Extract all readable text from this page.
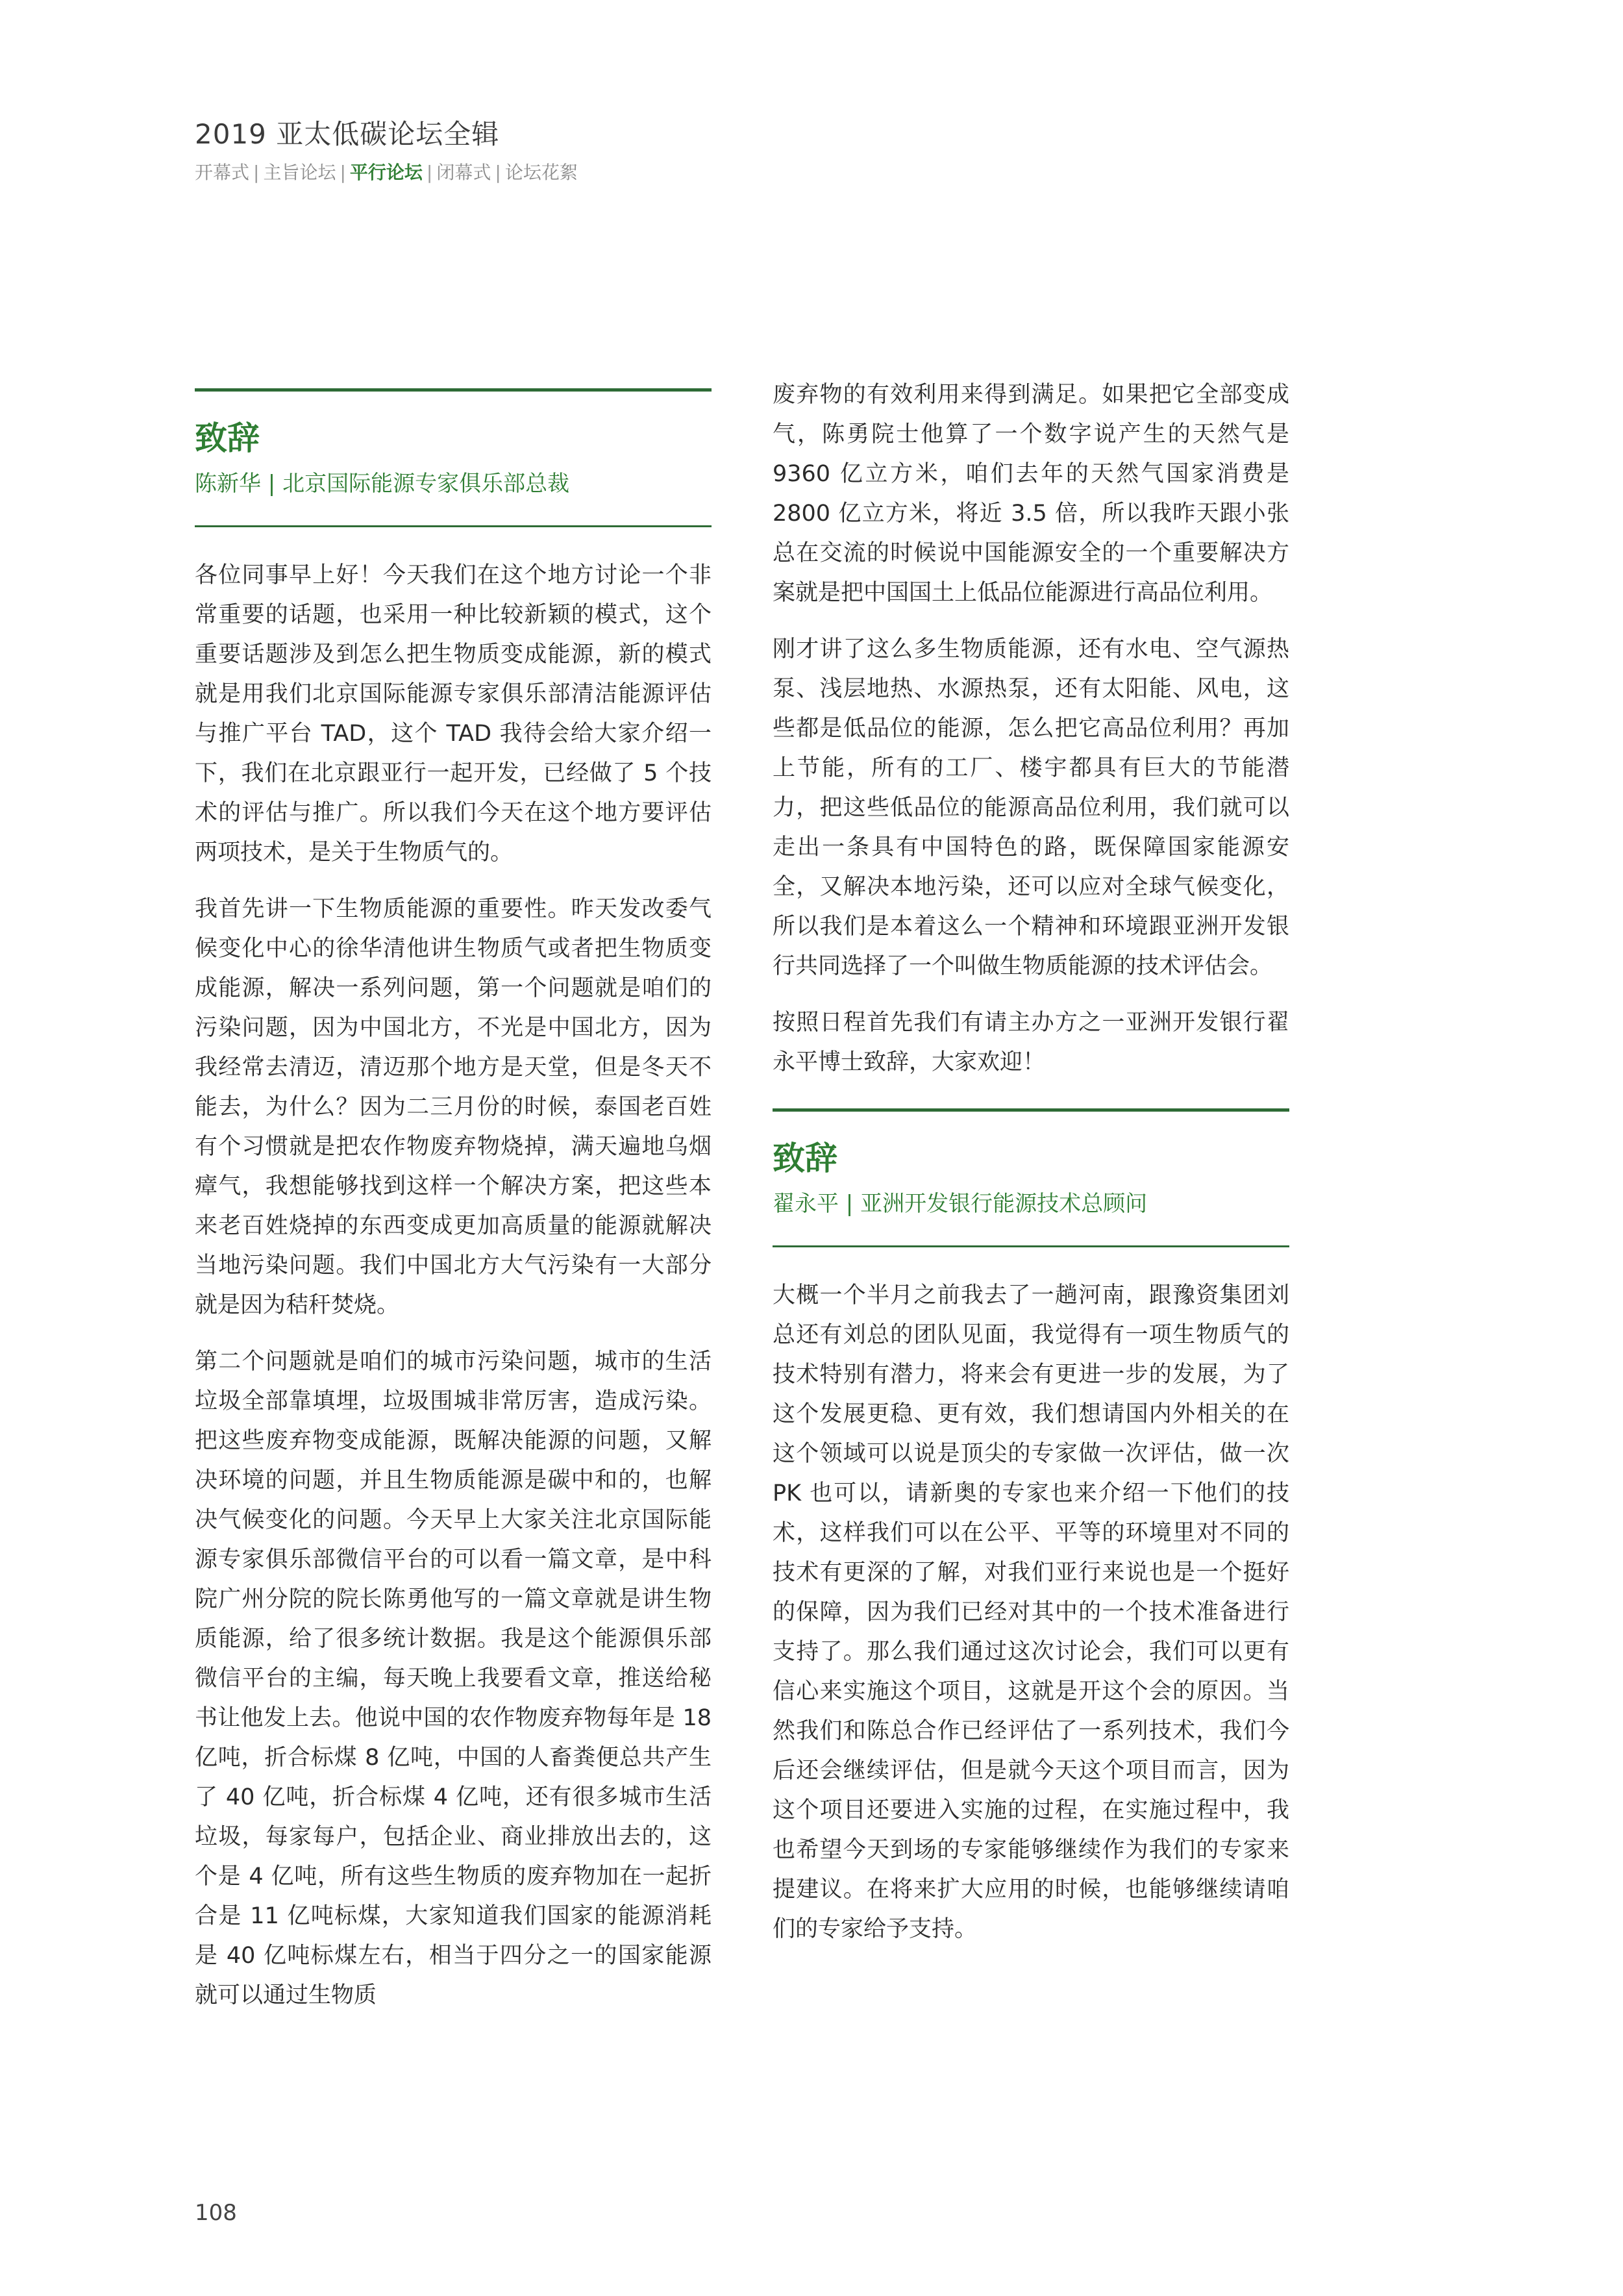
2019 亚太低碳论坛全辑
开幕式 | 主旨论坛 | 平行论坛 | 闭幕式 | 论坛花絮
致辞
陈新华 | 北京国际能源专家俱乐部总裁

各位同事早上好！今天我们在这个地方讨论一个非常重要的话题，也采用一种比较新颖的模式，这个重要话题涉及到怎么把生物质变成能源，新的模式就是用我们北京国际能源专家俱乐部清洁能源评估与推广平台 TAD，这个 TAD 我待会给大家介绍一下，我们在北京跟亚行一起开发，已经做了 5 个技术的评估与推广。所以我们今天在这个地方要评估两项技术，是关于生物质气的。

我首先讲一下生物质能源的重要性。昨天发改委气候变化中心的徐华清他讲生物质气或者把生物质变成能源，解决一系列问题，第一个问题就是咱们的污染问题，因为中国北方，不光是中国北方，因为我经常去清迈，清迈那个地方是天堂，但是冬天不能去，为什么？因为二三月份的时候，泰国老百姓有个习惯就是把农作物废弃物烧掉，满天遍地乌烟瘴气，我想能够找到这样一个解决方案，把这些本来老百姓烧掉的东西变成更加高质量的能源就解决当地污染问题。我们中国北方大气污染有一大部分就是因为秸秆焚烧。

第二个问题就是咱们的城市污染问题，城市的生活垃圾全部靠填埋，垃圾围城非常厉害，造成污染。把这些废弃物变成能源，既解决能源的问题，又解决环境的问题，并且生物质能源是碳中和的，也解决气候变化的问题。今天早上大家关注北京国际能源专家俱乐部微信平台的可以看一篇文章，是中科院广州分院的院长陈勇他写的一篇文章就是讲生物质能源，给了很多统计数据。我是这个能源俱乐部微信平台的主编，每天晚上我要看文章，推送给秘书让他发上去。他说中国的农作物废弃物每年是 18 亿吨，折合标煤 8 亿吨，中国的人畜粪便总共产生了 40 亿吨，折合标煤 4 亿吨，还有很多城市生活垃圾，每家每户，包括企业、商业排放出去的，这个是 4 亿吨，所有这些生物质的废弃物加在一起折合是 11 亿吨标煤，大家知道我们国家的能源消耗是 40 亿吨标煤左右，相当于四分之一的国家能源就可以通过生物质

废弃物的有效利用来得到满足。如果把它全部变成气，陈勇院士他算了一个数字说产生的天然气是 9360 亿立方米，咱们去年的天然气国家消费是 2800 亿立方米，将近 3.5 倍，所以我昨天跟小张总在交流的时候说中国能源安全的一个重要解决方案就是把中国国土上低品位能源进行高品位利用。

刚才讲了这么多生物质能源，还有水电、空气源热泵、浅层地热、水源热泵，还有太阳能、风电，这些都是低品位的能源，怎么把它高品位利用？再加上节能，所有的工厂、楼宇都具有巨大的节能潜力，把这些低品位的能源高品位利用，我们就可以走出一条具有中国特色的路，既保障国家能源安全，又解决本地污染，还可以应对全球气候变化，所以我们是本着这么一个精神和环境跟亚洲开发银行共同选择了一个叫做生物质能源的技术评估会。

按照日程首先我们有请主办方之一亚洲开发银行翟永平博士致辞，大家欢迎！

致辞
翟永平 | 亚洲开发银行能源技术总顾问

大概一个半月之前我去了一趟河南，跟豫资集团刘总还有刘总的团队见面，我觉得有一项生物质气的技术特别有潜力，将来会有更进一步的发展，为了这个发展更稳、更有效，我们想请国内外相关的在这个领域可以说是顶尖的专家做一次评估，做一次 PK 也可以，请新奥的专家也来介绍一下他们的技术，这样我们可以在公平、平等的环境里对不同的技术有更深的了解，对我们亚行来说也是一个挺好的保障，因为我们已经对其中的一个技术准备进行支持了。那么我们通过这次讨论会，我们可以更有信心来实施这个项目，这就是开这个会的原因。当然我们和陈总合作已经评估了一系列技术，我们今后还会继续评估，但是就今天这个项目而言，因为这个项目还要进入实施的过程，在实施过程中，我也希望今天到场的专家能够继续作为我们的专家来提建议。在将来扩大应用的时候，也能够继续请咱们的专家给予支持。

108
